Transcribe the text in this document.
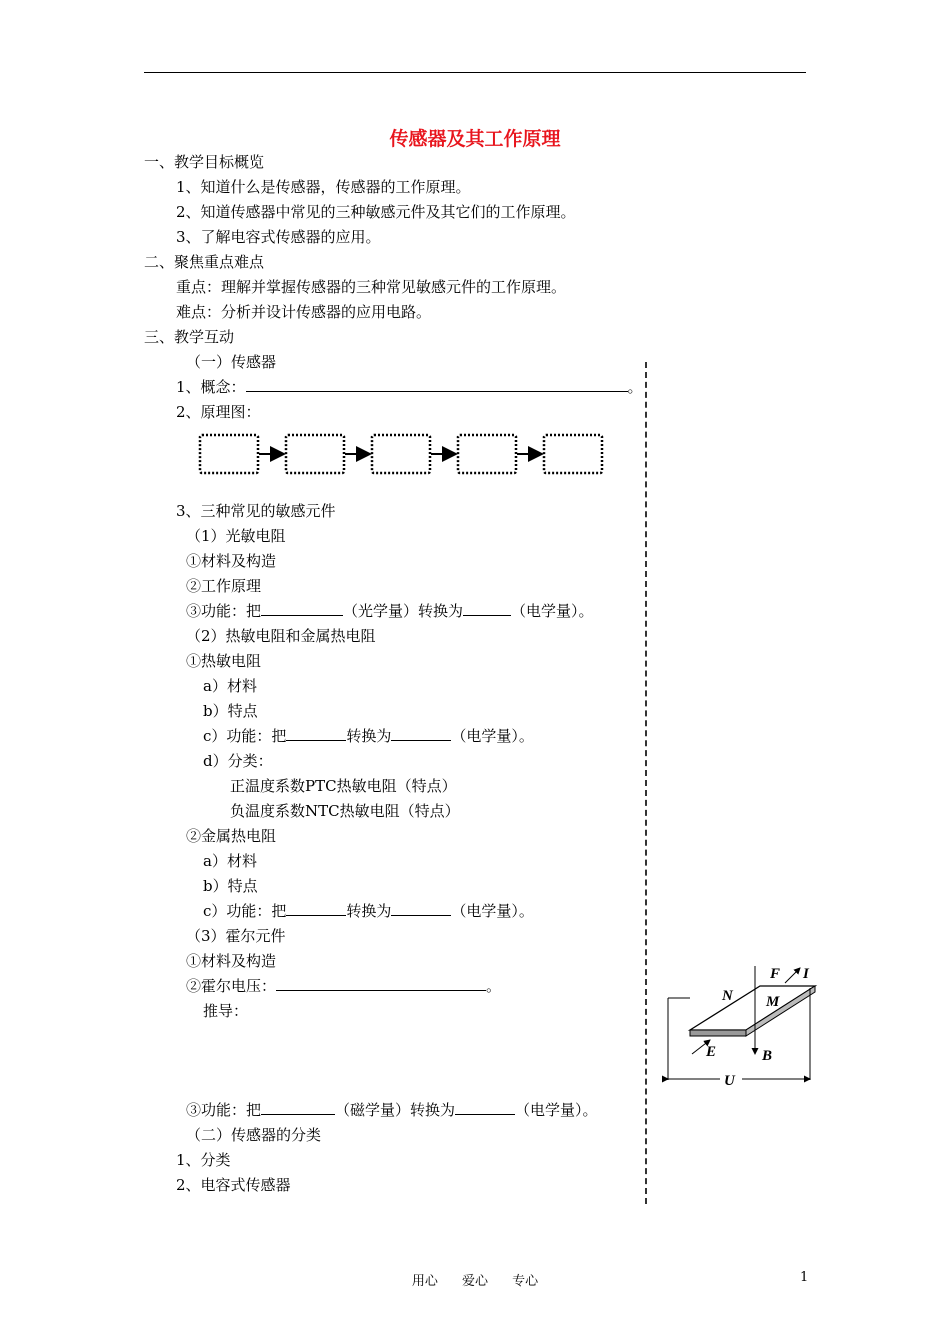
传感器及其工作原理
一、教学目标概览
1、知道什么是传感器，传感器的工作原理。
2、知道传感器中常见的三种敏感元件及其它们的工作原理。
3、了解电容式传感器的应用。
二、聚焦重点难点
重点：理解并掌握传感器的三种常见敏感元件的工作原理。
难点：分析并设计传感器的应用电路。
三、教学互动
（一）传感器
1、概念：	。
2、原理图：
3、三种常见的敏感元件
（1）光敏电阻
①材料及构造
②工作原理
③功能：把	（光学量）转换为	（电学量）。
（2）热敏电阻和金属热电阻
①热敏电阻
a）材料
b）特点
c）功能：把	转换为	（电学量）。
d）分类：
正温度系数PTC热敏电阻（特点）
负温度系数NTC热敏电阻（特点）
②金属热电阻
a）材料
b）特点
c）功能：把	转换为	（电学量）。
（3）霍尔元件
①材料及构造
②霍尔电压：	。
推导：
③功能：把	（磁学量）转换为	（电学量）。
（二）传感器的分类
1、分类
2、电容式传感器
F I
N M
E	B
U
用心 爱心 专心	1
